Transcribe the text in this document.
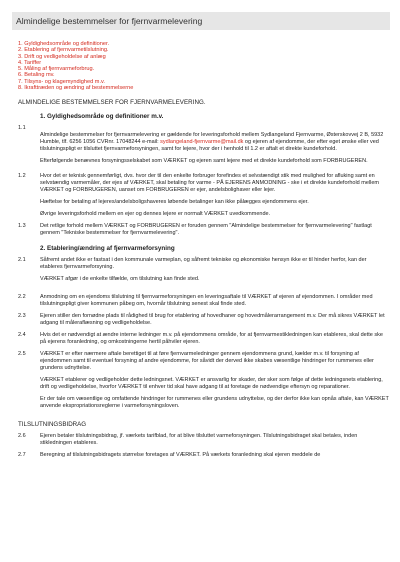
Almindelige bestemmelser for fjernvarmelevering
1. Gyldighedsområde og definitioner.
2. Etablering af fjernvarmetilslutning.
3. Drift og vedligeholdelse af anlæg
4. Tariffer
5. Måling af fjernvarmeforbrug.
6. Betaling mv.
7. Tilsyns- og klagemyndighed m.v.
8. Ikrafttræden og ændring af bestemmelserne
ALMINDELIGE BESTEMMELSER FOR FJERNVARMELEVERING.
1. Gyldighedsområde og definitioner m.v.
1.1

Almindelige bestemmelser for fjernvarmelevering er gældende for leveringsforhold mellem Sydlangeland Fjernvarme, Østerskovvej 2 B, 5932 Humble, tlf. 6256 1056 CVRnr. 17048244 e-mail: sydlangeland-fjernvarme@mail.dk og ejeren af ejendomme, der efter eget ønske eller ved tilslutningspligt er tilsluttet fjernvarmeforsyningen, samt for lejere, hvor der i henhold til 1.2 er aftalt et direkte kundeforhold.

Efterfølgende benævnes forsyningsselskabet som VÆRKET og ejeren samt lejere med et direkte kundeforhold som FORBRUGEREN.

1.2	Hvor det er teknisk gennemførligt, dvs. hvor der til den enkelte forbruger forefindes et selvstændigt stik med mulighed for afluking samt en selvstændig varmemåler, der ejes af VÆRKET, skal betaling for varme - PÅ EJERENS ANMODNING - ske i et direkte kundeforhold mellem VÆRKET og FORBRUGEREN, uanset om FORBRUGEREN er ejer, andelsbolighaver eller lejer.

Hæftelse for betaling af lejeres/andelsboligshaveres løbende betalinger kan ikke pålægges ejendommens ejer.

Øvrige leveringsforhold mellem en ejer og dennes lejere er normalt VÆRKET uvedkommende.

1.3	Det retlige forhold mellem VÆRKET og FORBRUGEREN er foruden gennem "Almindelige bestemmelser for fjernvarmelevering" fastlagt gennem "Tekniske bestemmelser for fjernvarmelevering".

2. Etablering/ændring af fjernvarmeforsyning
2.1	Såfremt andet ikke er fastsat i den kommunale varmeplan, og såfremt tekniske og økonomiske hensyn ikke er til hinder herfor, kan der etableres fjernvarmeforsyning.

VÆRKET afgør i de enkelte tilfælde, om tilslutning kan finde sted.

2.2	Anmodning om en ejendoms tilslutning til fjernvarmeforsyningen en leveringsaftale til VÆRKET af ejeren af ejendommen. I områder med tilslutningspligt giver kommunen påbeg om, hvornår tilslutning senest skal finde sted.

2.3	Ejeren stiller den fornødne plads til rådighed til brug for etablering af hovedhaner og hovedmålerarrangement m.v. Der må sikres VÆRKET let adgang til måleraflæsning og vedligeholdelse.

2.4	Hvis det er nødvendigt at ændre interne ledninger m.v. på ejendommens område, for at fjernvarmestikledningen kan etableres, skal dette ske på ejerens foranledning, og omkostningerne hertil påhviler ejeren.

2.5	VÆRKET er efter nærmere aftale berettiget til at føre fjernvarmeledninger gennem ejendommens grund, kælder m.v. til forsyning af ejendommen samt til eventuel forsyning af andre ejendomme, for såvidt der derved ikke skabes væsentlige hindringer for rummenes eller grundens udnyttelse.

VÆRKET etablerer og vedligeholder dette ledningsnet. VÆRKET er ansvarlig for skader, der sker som følge af dette ledningsnets etablering, drift og vedligeholdelse, hvorfor VÆRKET til enhver tid skal have adgang til at foretage de nødvendige eftersyn og reparationer.

Er der tale om væsentlige og omfattende hindringer for rummenes eller grundens udnyttelse, og der derfor ikke kan opnås aftale, kan VÆRKET anvende ekspropriationsreglerne i varmeforsyningsloven.

TILSLUTNINGSBIDRAG
2.6	Ejeren betaler tilslutningsbidrag, jf. værkets tarifblad, for at blive tilsluttet varmeforsyningen. Tilslutningsbidraget skal betales, inden stikledningen etableres.

2.7	Beregning af tilslutningsbidragets størrelse foretages af VÆRKET. På værkets foranledning skal ejeren meddele de
